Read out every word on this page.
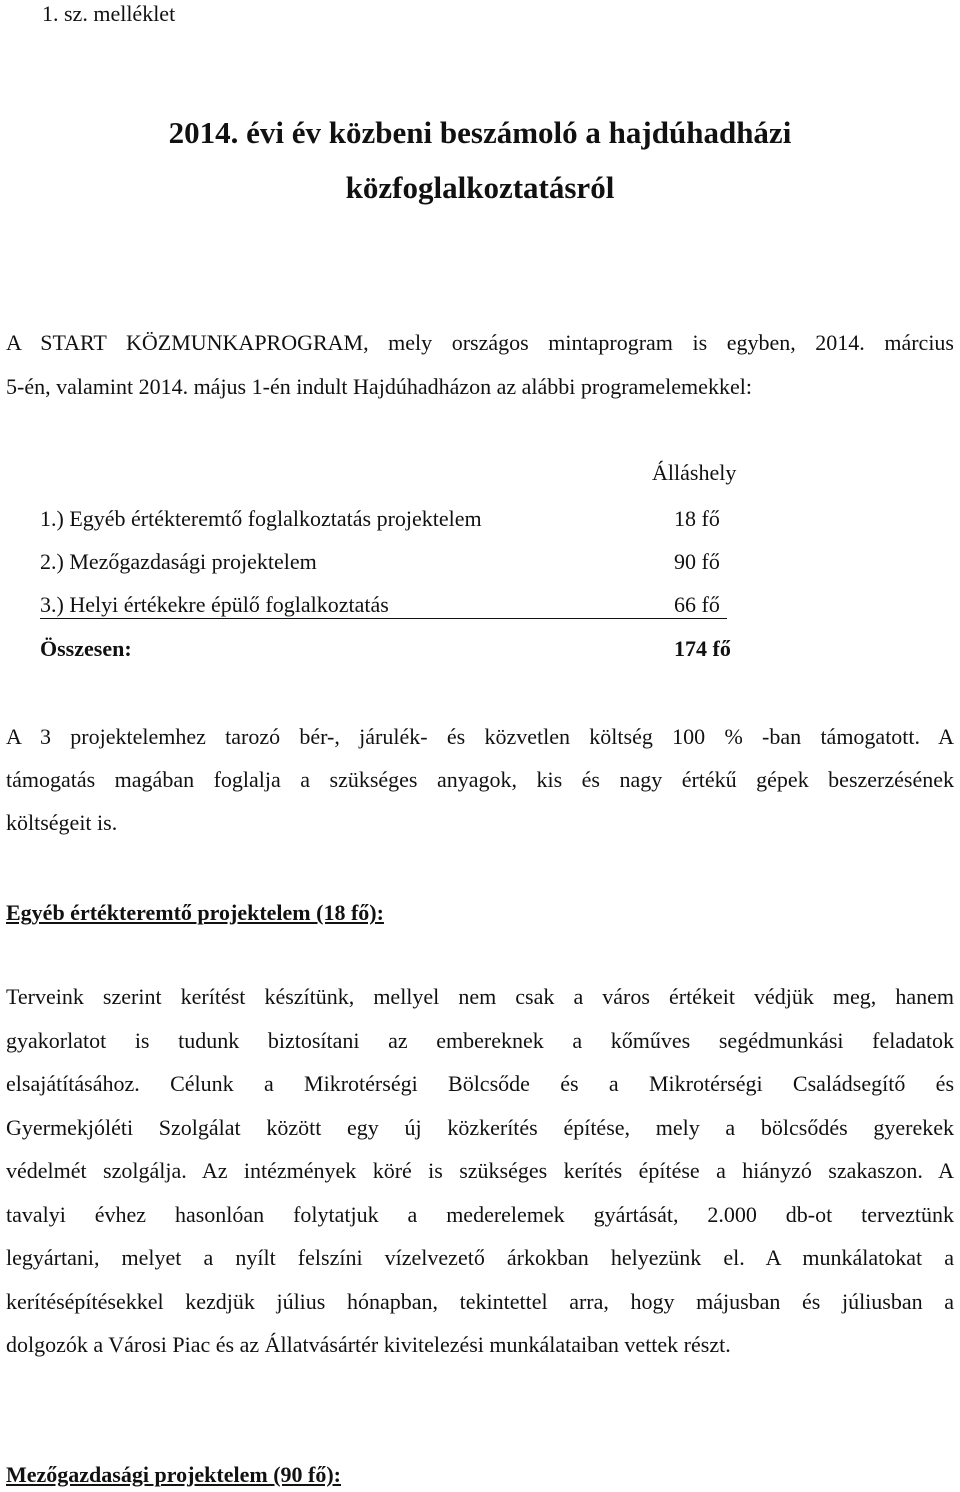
1. sz. melléklet
2014. évi év közbeni beszámoló a hajdúhadházi
közfoglalkoztatásról
A START KÖZMUNKAPROGRAM, mely országos mintaprogram is egyben, 2014. március
5-én, valamint 2014. május 1-én indult Hajdúhadházon az alábbi programelemekkel:
Álláshely
1.) Egyéb értékteremtő foglalkoztatás projektelem	18 fő
2.) Mezőgazdasági projektelem	90 fő
3.) Helyi értékekre épülő foglalkoztatás	66 fő
Összesen:	174 fő
A 3 projektelemhez tarozó bér-, járulék- és közvetlen költség 100 % -ban támogatott. A
támogatás magában foglalja a szükséges anyagok, kis és nagy értékű gépek beszerzésének
költségeit is.
Egyéb értékteremtő projektelem (18 fő):
Terveink szerint kerítést készítünk, mellyel nem csak a város értékeit védjük meg, hanem
gyakorlatot is tudunk biztosítani az embereknek a kőműves segédmunkási feladatok
elsajátításához. Célunk a Mikrotérségi Bölcsőde és a Mikrotérségi Családsegítő és
Gyermekjóléti Szolgálat között egy új közkerítés építése, mely a bölcsődés gyerekek
védelmét szolgálja. Az intézmények köré is szükséges kerítés építése a hiányzó szakaszon. A
tavalyi évhez hasonlóan folytatjuk a mederelemek gyártását, 2.000 db-ot terveztünk
legyártani, melyet a nyílt felszíni vízelvezető árkokban helyezünk el. A munkálatokat a
kerítésépítésekkel kezdjük július hónapban, tekintettel arra, hogy májusban és júliusban a
dolgozók a Városi Piac és az Állatvásártér kivitelezési munkálataiban vettek részt.
Mezőgazdasági projektelem (90 fő):
